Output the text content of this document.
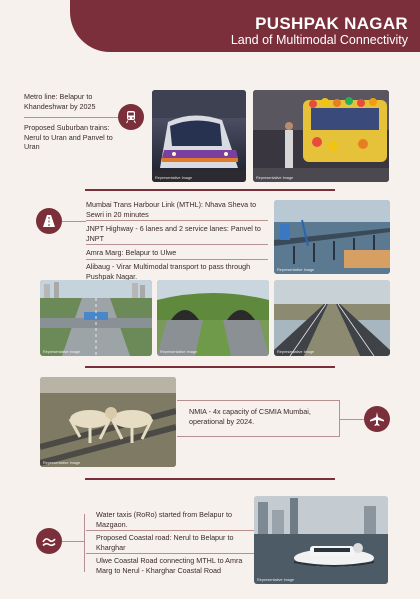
PUSHPAK NAGAR
Land of Multimodal Connectivity
Metro line: Belapur to Khandeshwar by 2025
Proposed Suburban trains: Nerul to Uran and Panvel to Uran
Representative Image	Representative Image
Mumbai Trans Harbour Link (MTHL): Nhava Sheva to Sewri in 20 minutes
JNPT Highway - 6 lanes and 2 service lanes: Panvel to JNPT
Amra Marg: Belapur to Ulwe
Alibaug - Virar Multimodal transport to pass through Pushpak Nagar.
Representative Image
Representative Image	Representative Image	Representative Image
Representative Image
NMIA - 4x capacity of CSMIA Mumbai, operational by 2024.
Water taxis (RoRo) started from Belapur to Mazgaon.
Proposed Coastal road: Nerul to Belapur to Kharghar
Ulwe Coastal Road connecting MTHL to Amra Marg to Nerul - Kharghar Coastal Road
Representative Image
